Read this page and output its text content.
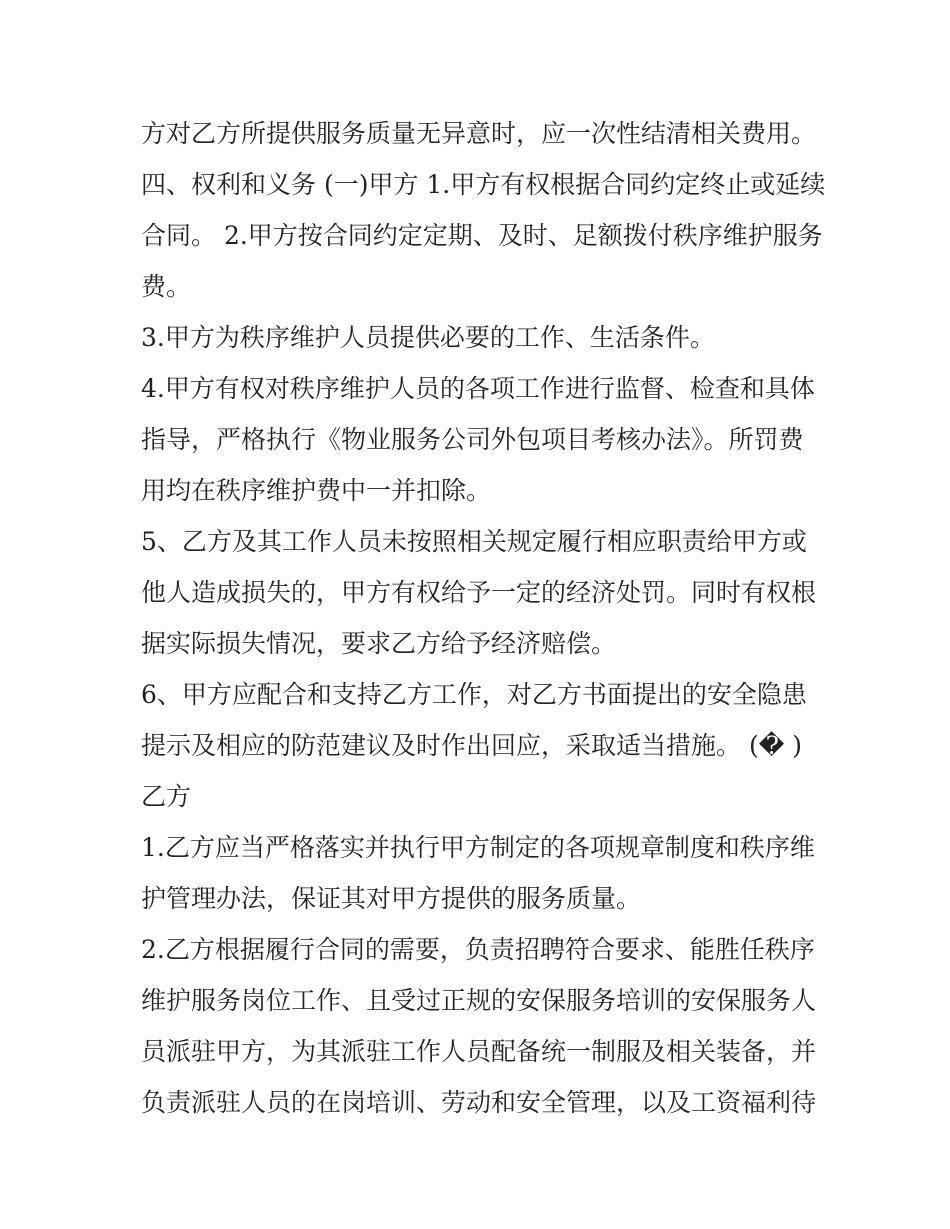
方对乙方所提供服务质量无异意时，应一次性结清相关费用。
四、权利和义务 (一)甲方 1.甲方有权根据合同约定终止或延续
合同。 2.甲方按合同约定定期、及时、足额拨付秩序维护服务
费。
3.甲方为秩序维护人员提供必要的工作、生活条件。
4.甲方有权对秩序维护人员的各项工作进行监督、检查和具体
指导，严格执行《物业服务公司外包项目考核办法》。所罚费
用均在秩序维护费中一并扣除。
5、乙方及其工作人员未按照相关规定履行相应职责给甲方或
他人造成损失的，甲方有权给予一定的经济处罚。同时有权根
据实际损失情况，要求乙方给予经济赔偿。
6、甲方应配合和支持乙方工作，对乙方书面提出的安全隐患
提示及相应的防范建议及时作出回应，采取适当措施。 (� )
乙方
1.乙方应当严格落实并执行甲方制定的各项规章制度和秩序维
护管理办法，保证其对甲方提供的服务质量。
2.乙方根据履行合同的需要，负责招聘符合要求、能胜任秩序
维护服务岗位工作、且受过正规的安保服务培训的安保服务人
员派驻甲方，为其派驻工作人员配备统一制服及相关装备，并
负责派驻人员的在岗培训、劳动和安全管理，以及工资福利待
